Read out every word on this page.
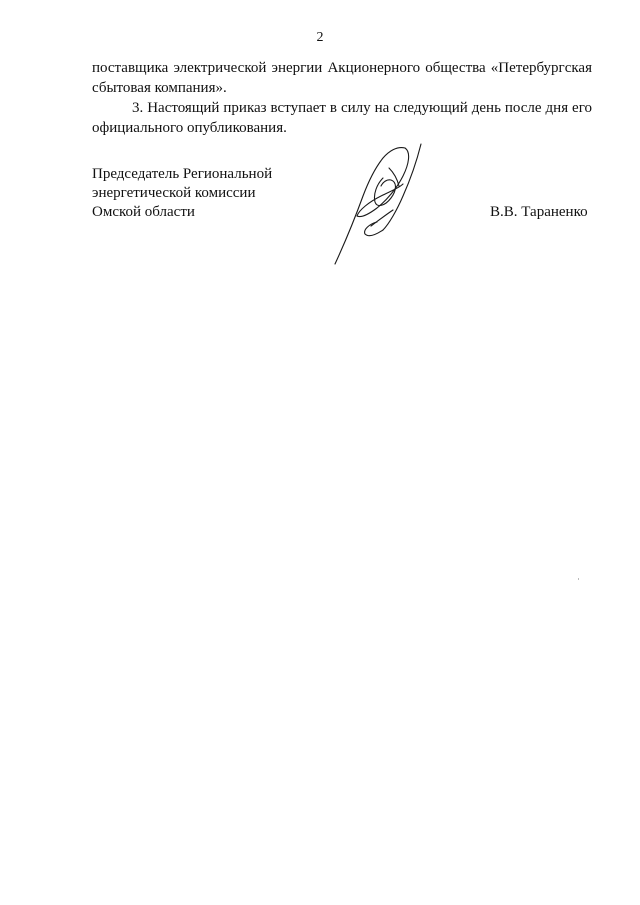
2

поставщика электрической энергии Акционерного общества «Петербургская сбытовая компания».

3. Настоящий приказ вступает в силу на следующий день после дня его официального опубликования.

Председатель Региональной
энергетической комиссии
Омской области	В.В. Тараненко
